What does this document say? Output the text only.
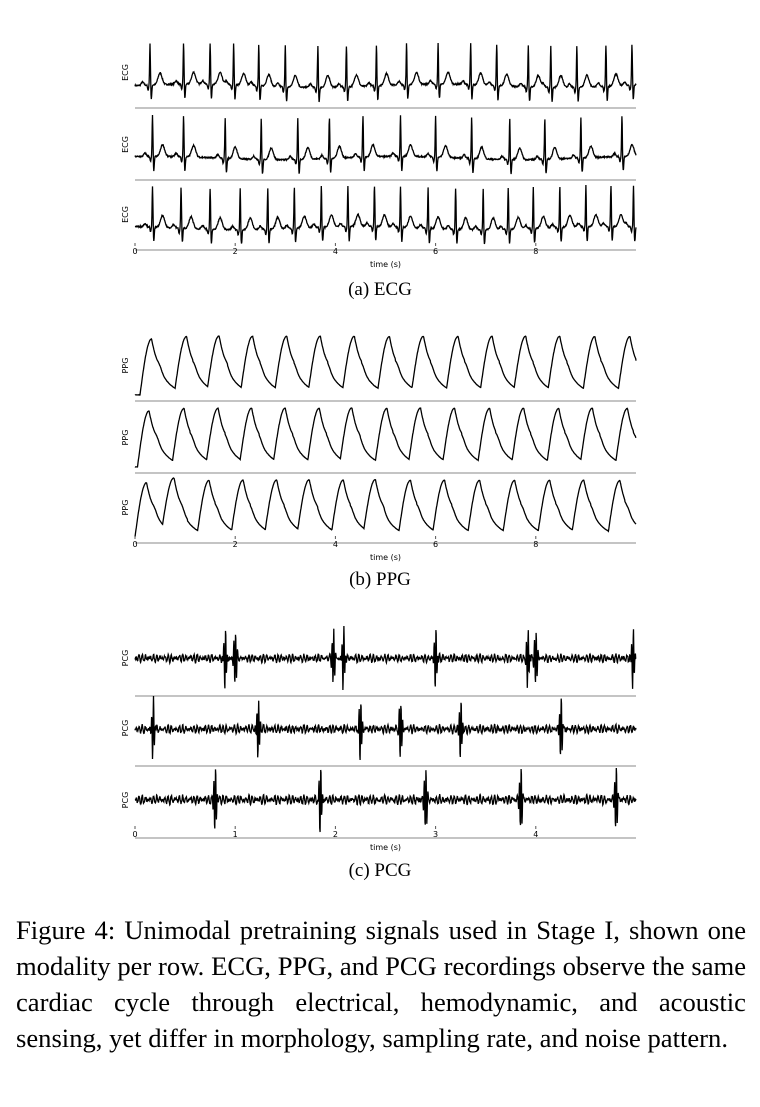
ECG
ECG
ECG
0	2	4	6	8
time (s)
(a) ECG
PPG
PPG
PPG
0	2	4	6	8
time (s)
(b) PPG
PCG
PCG
PCG
0	1	2	3	4
time (s)
(c) PCG
Figure 4: Unimodal pretraining signals used in Stage I, shown one modality per row. ECG, PPG, and PCG recordings observe the same cardiac cycle through electrical, hemodynamic, and acoustic sensing, yet differ in morphology, sampling rate, and noise pattern.
